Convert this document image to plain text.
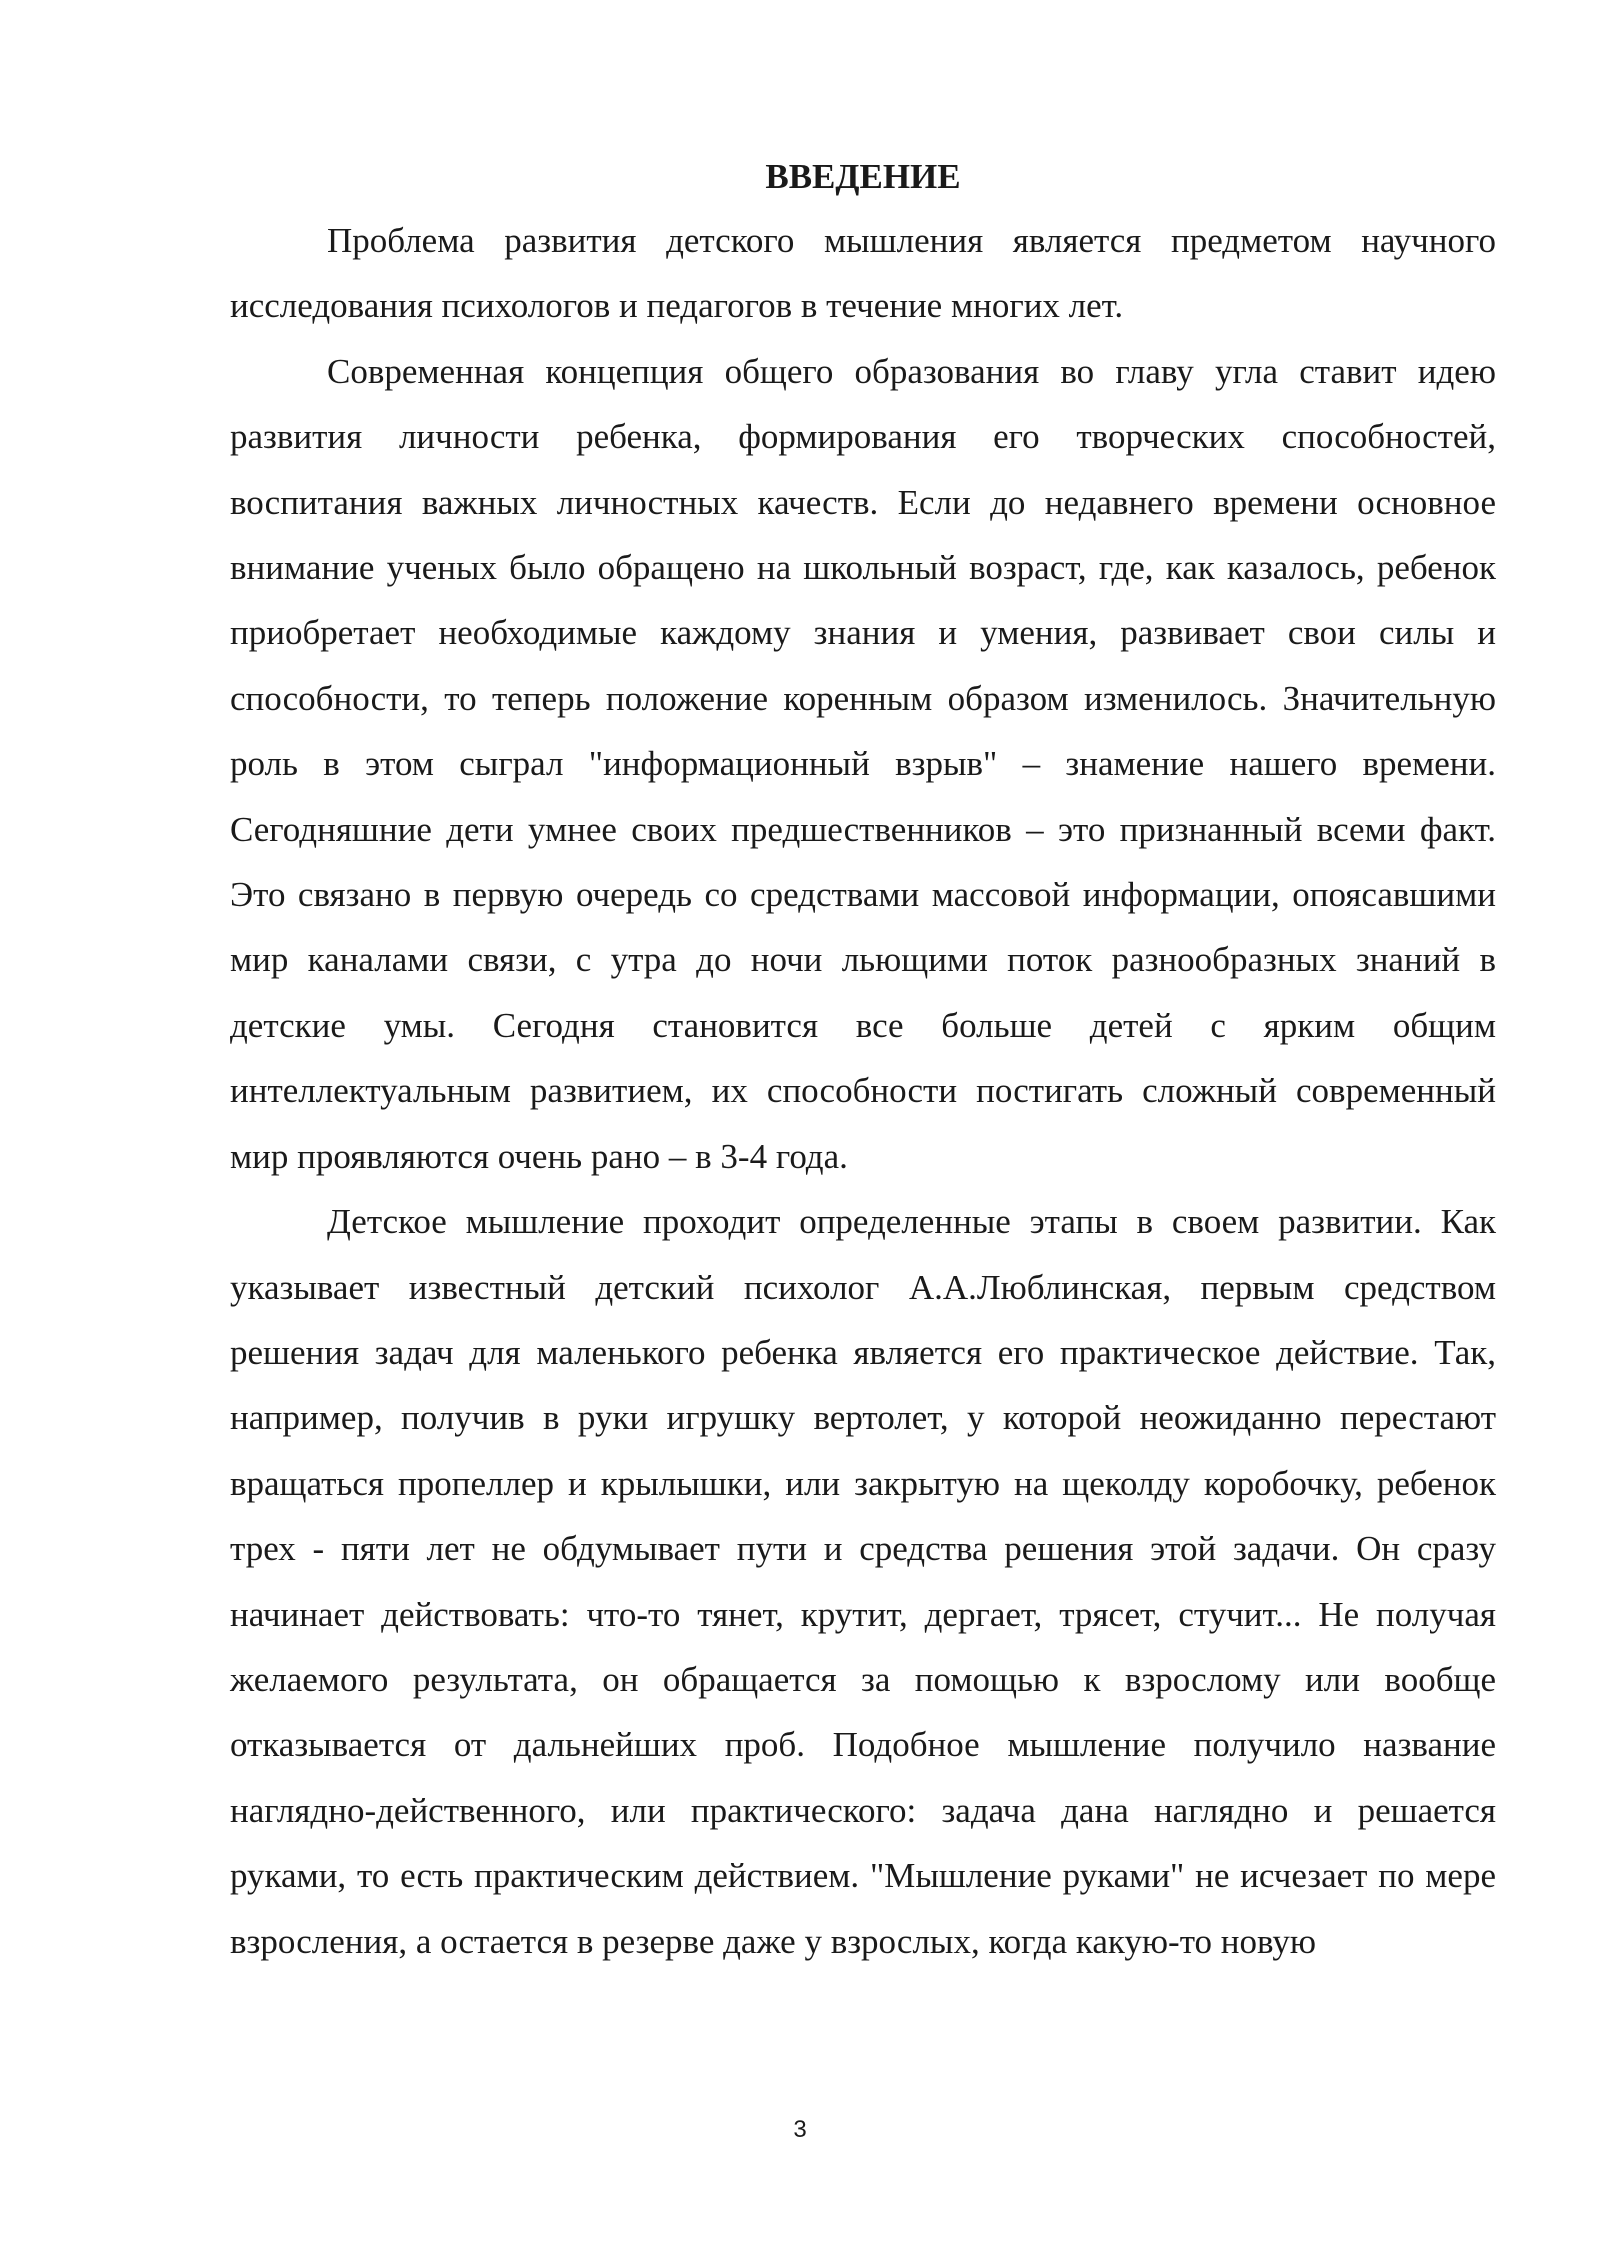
ВВЕДЕНИЕ

Проблема развития детского мышления является предметом научного исследования психологов и педагогов в течение многих лет.

Современная концепция общего образования во главу угла ставит идею развития личности ребенка, формирования его творческих способностей, воспитания важных личностных качеств. Если до недавнего времени основное внимание ученых было обращено на школьный возраст, где, как казалось, ребенок приобретает необходимые каждому знания и умения, развивает свои силы и способности, то теперь положение коренным образом изменилось. Значительную роль в этом сыграл "информационный взрыв" – знамение нашего времени. Сегодняшние дети умнее своих предшественников – это признанный всеми факт. Это связано в первую очередь со средствами массовой информации, опоясавшими мир каналами связи, с утра до ночи льющими поток разнообразных знаний в детские умы. Сегодня становится все больше детей с ярким общим интеллектуальным развитием, их способности постигать сложный современный мир проявляются очень рано – в 3-4 года.

Детское мышление проходит определенные этапы в своем развитии. Как указывает известный детский психолог А.А.Люблинская, первым средством решения задач для маленького ребенка является его практическое действие. Так, например, получив в руки игрушку вертолет, у которой неожиданно перестают вращаться пропеллер и крылышки, или закрытую на щеколду коробочку, ребенок трех - пяти лет не обдумывает пути и средства решения этой задачи. Он сразу начинает действовать: что-то тянет, крутит, дергает, трясет, стучит... Не получая желаемого результата, он обращается за помощью к взрослому или вообще отказывается от дальнейших проб. Подобное мышление получило название наглядно-действенного, или практического: задача дана наглядно и решается руками, то есть практическим действием. "Мышление руками" не исчезает по мере взросления, а остается в резерве даже у взрослых, когда какую-то новую

3
